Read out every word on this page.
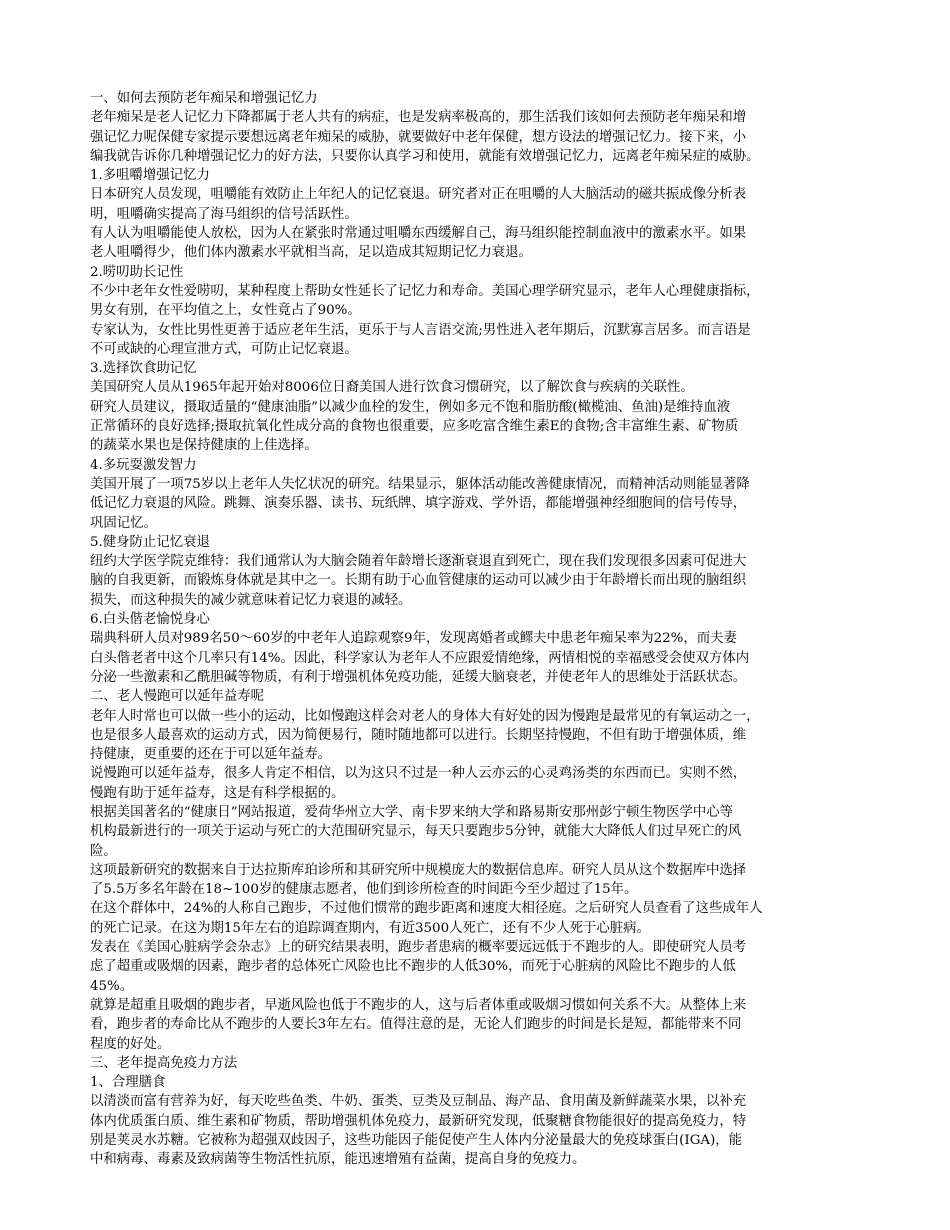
一、如何去预防老年痴呆和增强记忆力
老年痴呆是老人记忆力下降都属于老人共有的病症，也是发病率极高的，那生活我们该如何去预防老年痴呆和增
强记忆力呢保健专家提示要想远离老年痴呆的威胁，就要做好中老年保健，想方设法的增强记忆力。接下来，小
编我就告诉你几种增强记忆力的好方法，只要你认真学习和使用，就能有效增强记忆力，远离老年痴呆症的威胁。
1.多咀嚼增强记忆力
日本研究人员发现，咀嚼能有效防止上年纪人的记忆衰退。研究者对正在咀嚼的人大脑活动的磁共振成像分析表
明，咀嚼确实提高了海马组织的信号活跃性。
有人认为咀嚼能使人放松，因为人在紧张时常通过咀嚼东西缓解自己，海马组织能控制血液中的激素水平。如果
老人咀嚼得少，他们体内激素水平就相当高，足以造成其短期记忆力衰退。
2.唠叨助长记性
不少中老年女性爱唠叨，某种程度上帮助女性延长了记忆力和寿命。美国心理学研究显示，老年人心理健康指标，
男女有别，在平均值之上，女性竟占了90%。
专家认为，女性比男性更善于适应老年生活，更乐于与人言语交流;男性进入老年期后，沉默寡言居多。而言语是
不可或缺的心理宣泄方式，可防止记忆衰退。
3.选择饮食助记忆
美国研究人员从1965年起开始对8006位日裔美国人进行饮食习惯研究，以了解饮食与疾病的关联性。
研究人员建议，摄取适量的“健康油脂”以减少血栓的发生，例如多元不饱和脂肪酸(橄榄油、鱼油)是维持血液
正常循环的良好选择;摄取抗氧化性成分高的食物也很重要，应多吃富含维生素E的食物;含丰富维生素、矿物质
的蔬菜水果也是保持健康的上佳选择。
4.多玩耍激发智力
美国开展了一项75岁以上老年人失忆状况的研究。结果显示，躯体活动能改善健康情况，而精神活动则能显著降
低记忆力衰退的风险。跳舞、演奏乐器、读书、玩纸牌、填字游戏、学外语，都能增强神经细胞间的信号传导，
巩固记忆。
5.健身防止记忆衰退
纽约大学医学院克维特：我们通常认为大脑会随着年龄增长逐渐衰退直到死亡，现在我们发现很多因素可促进大
脑的自我更新，而锻炼身体就是其中之一。长期有助于心血管健康的运动可以减少由于年龄增长而出现的脑组织
损失，而这种损失的减少就意味着记忆力衰退的减轻。
6.白头偕老愉悦身心
瑞典科研人员对989名50～60岁的中老年人追踪观察9年，发现离婚者或鳏夫中患老年痴呆率为22%，而夫妻
白头偕老者中这个几率只有14%。因此，科学家认为老年人不应跟爱情绝缘，两情相悦的幸福感受会使双方体内
分泌一些激素和乙酰胆碱等物质，有利于增强机体免疫功能，延缓大脑衰老，并使老年人的思维处于活跃状态。
二、老人慢跑可以延年益寿呢
老年人时常也可以做一些小的运动，比如慢跑这样会对老人的身体大有好处的因为慢跑是最常见的有氧运动之一，
也是很多人最喜欢的运动方式，因为简便易行，随时随地都可以进行。长期坚持慢跑，不但有助于增强体质，维
持健康，更重要的还在于可以延年益寿。
说慢跑可以延年益寿，很多人肯定不相信，以为这只不过是一种人云亦云的心灵鸡汤类的东西而已。实则不然，
慢跑有助于延年益寿，这是有科学根据的。
根据美国著名的“健康日”网站报道，爱荷华州立大学、南卡罗来纳大学和路易斯安那州彭宁顿生物医学中心等
机构最新进行的一项关于运动与死亡的大范围研究显示，每天只要跑步5分钟，就能大大降低人们过早死亡的风
险。
这项最新研究的数据来自于达拉斯库珀诊所和其研究所中规模庞大的数据信息库。研究人员从这个数据库中选择
了5.5万多名年龄在18~100岁的健康志愿者，他们到诊所检查的时间距今至少超过了15年。
在这个群体中，24%的人称自己跑步，不过他们惯常的跑步距离和速度大相径庭。之后研究人员查看了这些成年人
的死亡记录。在这为期15年左右的追踪调查期内，有近3500人死亡，还有不少人死于心脏病。
发表在《美国心脏病学会杂志》上的研究结果表明，跑步者患病的概率要远远低于不跑步的人。即使研究人员考
虑了超重或吸烟的因素，跑步者的总体死亡风险也比不跑步的人低30%，而死于心脏病的风险比不跑步的人低
45%。
就算是超重且吸烟的跑步者，早逝风险也低于不跑步的人，这与后者体重或吸烟习惯如何关系不大。从整体上来
看，跑步者的寿命比从不跑步的人要长3年左右。值得注意的是，无论人们跑步的时间是长是短，都能带来不同
程度的好处。
三、老年提高免疫力方法
1、合理膳食
以清淡而富有营养为好，每天吃些鱼类、牛奶、蛋类、豆类及豆制品、海产品、食用菌及新鲜蔬菜水果，以补充
体内优质蛋白质、维生素和矿物质，帮助增强机体免疫力，最新研究发现，低聚糖食物能很好的提高免疫力，特
别是荚灵水苏糖。它被称为超强双歧因子，这些功能因子能促使产生人体内分泌量最大的免疫球蛋白(IGA)，能
中和病毒、毒素及致病菌等生物活性抗原，能迅速增殖有益菌，提高自身的免疫力。
